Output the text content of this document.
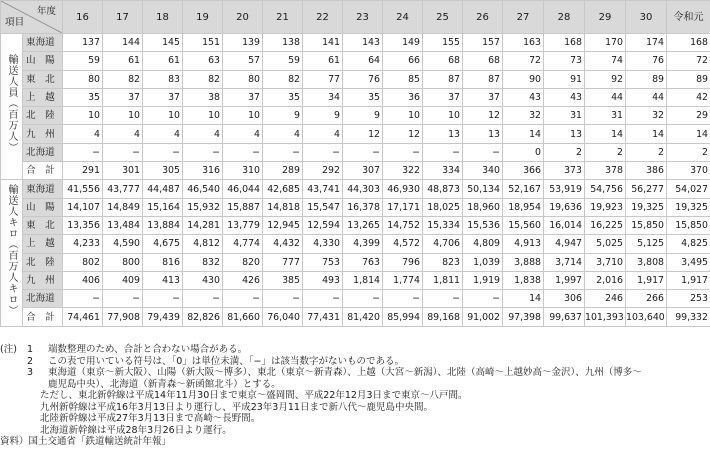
年度
項目		16	17	18	19	20	21	22	23	24	25	26	27	28	29	30	令和元
輸送人員（百万人）	東海道	137	144	145	151	139	138	141	143	149	155	157	163	168	170	174	168
	山　陽	59	61	61	63	57	59	61	64	66	68	68	72	73	74	76	72
	東　北	80	82	83	82	80	82	77	76	85	87	87	90	91	92	89	89
	上　越	35	37	37	38	37	35	34	35	36	37	37	43	43	44	44	42
	北　陸	10	10	10	10	10	9	9	9	10	10	12	32	31	31	32	29
	九　州	4	4	4	4	4	4	4	12	12	13	13	14	13	14	14	14
	北海道	−	−	−	−	−	−	−	−	−	−	−	0	2	2	2	2
	合　計	291	301	305	316	310	289	292	307	322	334	340	366	373	378	386	370
輸送人キロ（百万人キロ）	東海道	41,556	43,777	44,487	46,540	46,044	42,685	43,741	44,303	46,930	48,873	50,134	52,167	53,919	54,756	56,277	54,027
	山　陽	14,107	14,849	15,164	15,932	15,887	14,818	15,547	16,378	17,171	18,025	18,960	18,954	19,636	19,923	19,325	19,325
	東　北	13,356	13,484	13,884	14,281	13,779	12,945	12,594	13,265	14,752	15,334	15,536	15,560	16,014	16,225	15,850	15,850
	上　越	4,233	4,590	4,675	4,812	4,774	4,432	4,330	4,399	4,572	4,706	4,809	4,913	4,947	5,025	5,125	4,825
	北　陸	802	800	816	832	820	777	753	763	796	823	1,039	3,888	3,714	3,710	3,808	3,495
	九　州	406	409	413	430	426	385	493	1,814	1,774	1,811	1,919	1,838	1,997	2,016	1,917	1,917
	北海道	−	−	−	−	−	−	−	−	−	−	−	14	306	246	266	253
	合　計	74,461	77,908	79,439	82,826	81,660	76,040	77,431	81,420	85,994	89,168	91,002	97,398	99,637	101,393	103,640	99,332
(注)	1	端数整理のため、合計と合わない場合がある。
2	この表で用いている符号は、「0」は単位未満、「−」は該当数字がないものである。
3	東海道（東京〜新大阪）、山陽（新大阪〜博多）、東北（東京〜新青森）、上越（大宮〜新潟）、北陸（高崎〜上越妙高〜金沢）、九州（博多〜
鹿児島中央）、北海道（新青森〜新函館北斗）とする。
ただし、東北新幹線は平成14年11月30日まで東京〜盛岡間、平成22年12月3日まで東京〜八戸間。
九州新幹線は平成16年3月13日より運行し、平成23年3月11日まで新八代〜鹿児島中央間。
北陸新幹線は平成27年3月13日まで高崎〜長野間。
北海道新幹線は平成28年3月26日より運行。
資料） 国土交通省「鉄道輸送統計年報」
